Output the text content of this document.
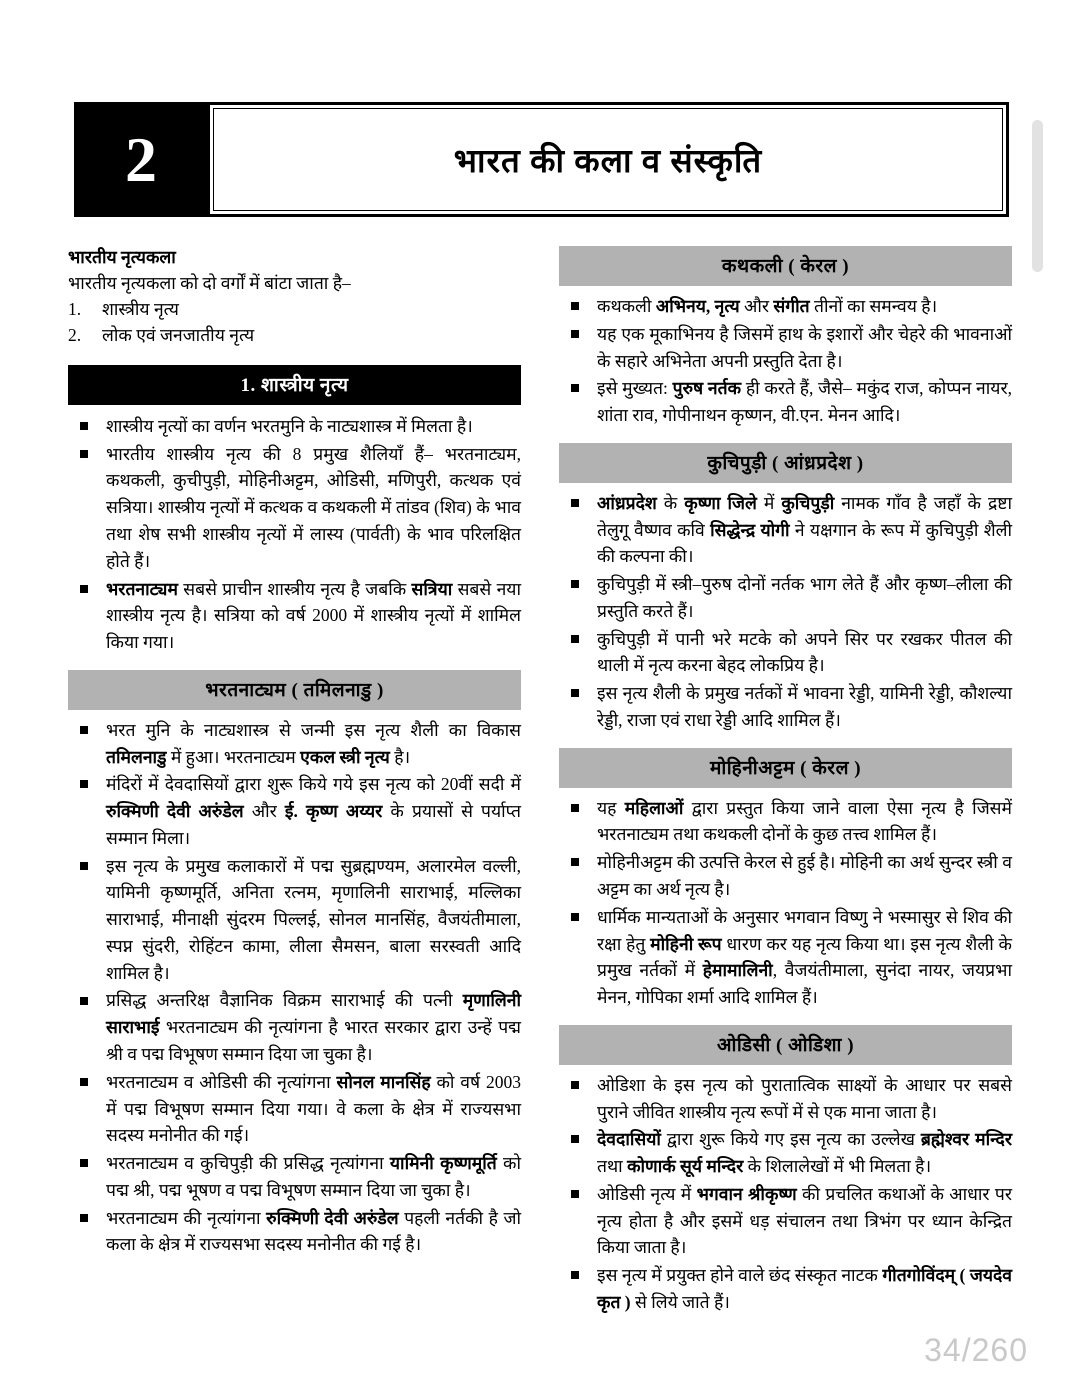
2	भारत की कला व संस्कृति
भारतीय नृत्यकला
भारतीय नृत्यकला को दो वर्गों में बांटा जाता है–
1.	शास्त्रीय नृत्य
2.	लोक एवं जनजातीय नृत्य
1. शास्त्रीय नृत्य
शास्त्रीय नृत्यों का वर्णन भरतमुनि के नाट्यशास्त्र में मिलता है।
भारतीय शास्त्रीय नृत्य की 8 प्रमुख शैलियाँ हैं– भरतनाट्यम, कथकली, कुचीपुड़ी, मोहिनीअट्टम, ओडिसी, मणिपुरी, कत्थक एवं सत्रिया। शास्त्रीय नृत्यों में कत्थक व कथकली में तांडव (शिव) के भाव तथा शेष सभी शास्त्रीय नृत्यों में लास्य (पार्वती) के भाव परिलक्षित होते हैं।
भरतनाट्यम सबसे प्राचीन शास्त्रीय नृत्य है जबकि सत्रिया सबसे नया शास्त्रीय नृत्य है। सत्रिया को वर्ष 2000 में शास्त्रीय नृत्यों में शामिल किया गया।
भरतनाट्यम ( तमिलनाडु )
भरत मुनि के नाट्यशास्त्र से जन्मी इस नृत्य शैली का विकास तमिलनाडु में हुआ। भरतनाट्यम एकल स्त्री नृत्य है।
मंदिरों में देवदासियों द्वारा शुरू किये गये इस नृत्य को 20वीं सदी में रुक्मिणी देवी अरुंडेल और ई. कृष्ण अय्यर के प्रयासों से पर्याप्त सम्मान मिला।
इस नृत्य के प्रमुख कलाकारों में पद्म सुब्रह्मण्यम, अलारमेल वल्ली, यामिनी कृष्णमूर्ति, अनिता रत्नम, मृणालिनी साराभाई, मल्लिका साराभाई, मीनाक्षी सुंदरम पिल्लई, सोनल मानसिंह, वैजयंतीमाला, स्पप्न सुंदरी, रोहिंटन कामा, लीला सैमसन, बाला सरस्वती आदि शामिल है।
प्रसिद्ध अन्तरिक्ष वैज्ञानिक विक्रम साराभाई की पत्नी मृणालिनी साराभाई भरतनाट्यम की नृत्यांगना है भारत सरकार द्वारा उन्हें पद्म श्री व पद्म विभूषण सम्मान दिया जा चुका है।
भरतनाट्यम व ओडिसी की नृत्यांगना सोनल मानसिंह को वर्ष 2003 में पद्म विभूषण सम्मान दिया गया। वे कला के क्षेत्र में राज्यसभा सदस्य मनोनीत की गई।
भरतनाट्यम व कुचिपुड़ी की प्रसिद्ध नृत्यांगना यामिनी कृष्णमूर्ति को पद्म श्री, पद्म भूषण व पद्म विभूषण सम्मान दिया जा चुका है।
भरतनाट्यम की नृत्यांगना रुक्मिणी देवी अरुंडेल पहली नर्तकी है जो कला के क्षेत्र में राज्यसभा सदस्य मनोनीत की गई है।
कथकली ( केरल )
कथकली अभिनय, नृत्य और संगीत तीनों का समन्वय है।
यह एक मूकाभिनय है जिसमें हाथ के इशारों और चेहरे की भावनाओं के सहारे अभिनेता अपनी प्रस्तुति देता है।
इसे मुख्यत: पुरुष नर्तक ही करते हैं, जैसे– मकुंद राज, कोप्पन नायर, शांता राव, गोपीनाथन कृष्णन, वी.एन. मेनन आदि।
कुचिपुड़ी ( आंध्रप्रदेश )
आंध्रप्रदेश के कृष्णा जिले में कुचिपुड़ी नामक गाँव है जहाँ के द्रष्टा तेलुगू वैष्णव कवि सिद्धेन्द्र योगी ने यक्षगान के रूप में कुचिपुड़ी शैली की कल्पना की।
कुचिपुड़ी में स्त्री–पुरुष दोनों नर्तक भाग लेते हैं और कृष्ण–लीला की प्रस्तुति करते हैं।
कुचिपुड़ी में पानी भरे मटके को अपने सिर पर रखकर पीतल की थाली में नृत्य करना बेहद लोकप्रिय है।
इस नृत्य शैली के प्रमुख नर्तकों में भावना रेड्डी, यामिनी रेड्डी, कौशल्या रेड्डी, राजा एवं राधा रेड्डी आदि शामिल हैं।
मोहिनीअट्टम ( केरल )
यह महिलाओं द्वारा प्रस्तुत किया जाने वाला ऐसा नृत्य है जिसमें भरतनाट्यम तथा कथकली दोनों के कुछ तत्त्व शामिल हैं।
मोहिनीअट्टम की उत्पत्ति केरल से हुई है। मोहिनी का अर्थ सुन्दर स्त्री व अट्टम का अर्थ नृत्य है।
धार्मिक मान्यताओं के अनुसार भगवान विष्णु ने भस्मासुर से शिव की रक्षा हेतु मोहिनी रूप धारण कर यह नृत्य किया था। इस नृत्य शैली के प्रमुख नर्तकों में हेमामालिनी, वैजयंतीमाला, सुनंदा नायर, जयप्रभा मेनन, गोपिका शर्मा आदि शामिल हैं।
ओडिसी ( ओडिशा )
ओडिशा के इस नृत्य को पुरातात्विक साक्ष्यों के आधार पर सबसे पुराने जीवित शास्त्रीय नृत्य रूपों में से एक माना जाता है।
देवदासियों द्वारा शुरू किये गए इस नृत्य का उल्लेख ब्रह्मेश्वर मन्दिर तथा कोणार्क सूर्य मन्दिर के शिलालेखों में भी मिलता है।
ओडिसी नृत्य में भगवान श्रीकृष्ण की प्रचलित कथाओं के आधार पर नृत्य होता है और इसमें धड़ संचालन तथा त्रिभंग पर ध्यान केन्द्रित किया जाता है।
इस नृत्य में प्रयुक्त होने वाले छंद संस्कृत नाटक गीतगोविंदम् ( जयदेव कृत ) से लिये जाते हैं।
34/260
